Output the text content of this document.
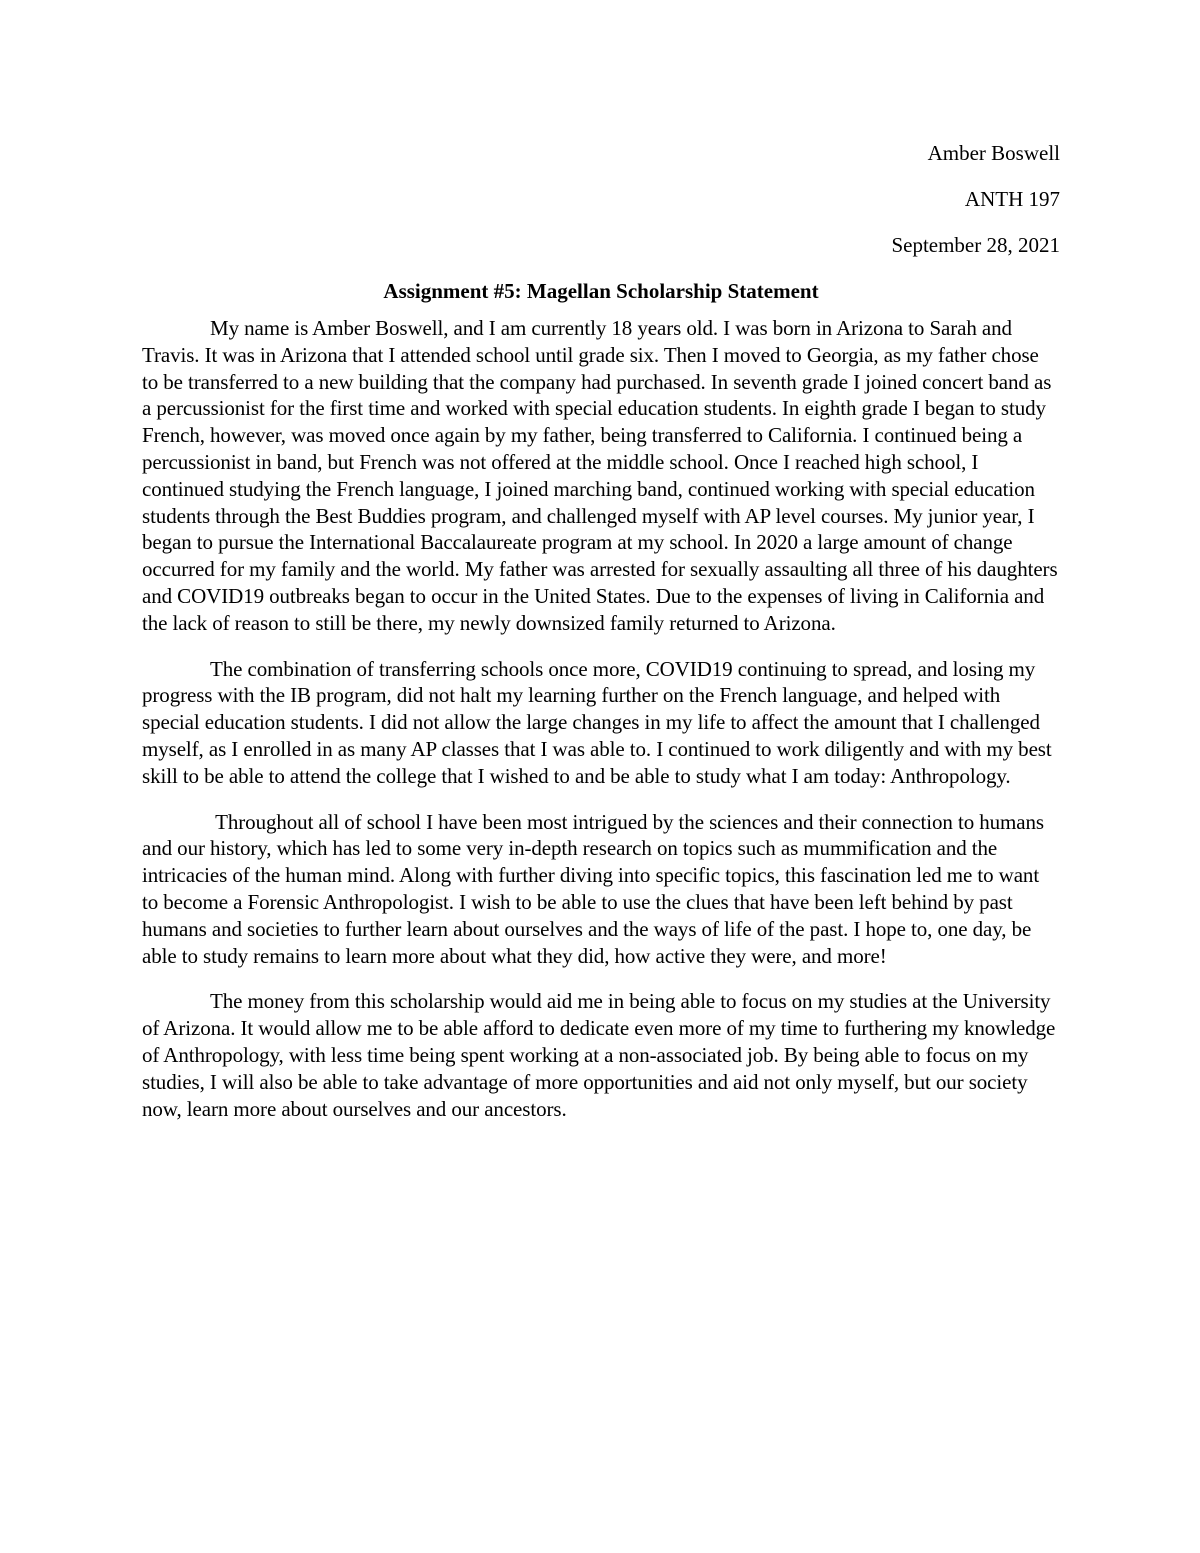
Amber Boswell

ANTH 197

September 28, 2021

Assignment #5: Magellan Scholarship Statement

My name is Amber Boswell, and I am currently 18 years old. I was born in Arizona to Sarah and Travis. It was in Arizona that I attended school until grade six. Then I moved to Georgia, as my father chose to be transferred to a new building that the company had purchased. In seventh grade I joined concert band as a percussionist for the first time and worked with special education students. In eighth grade I began to study French, however, was moved once again by my father, being transferred to California. I continued being a percussionist in band, but French was not offered at the middle school. Once I reached high school, I continued studying the French language, I joined marching band, continued working with special education students through the Best Buddies program, and challenged myself with AP level courses. My junior year, I began to pursue the International Baccalaureate program at my school. In 2020 a large amount of change occurred for my family and the world. My father was arrested for sexually assaulting all three of his daughters and COVID19 outbreaks began to occur in the United States. Due to the expenses of living in California and the lack of reason to still be there, my newly downsized family returned to Arizona.

The combination of transferring schools once more, COVID19 continuing to spread, and losing my progress with the IB program, did not halt my learning further on the French language, and helped with special education students. I did not allow the large changes in my life to affect the amount that I challenged myself, as I enrolled in as many AP classes that I was able to. I continued to work diligently and with my best skill to be able to attend the college that I wished to and be able to study what I am today: Anthropology.

Throughout all of school I have been most intrigued by the sciences and their connection to humans and our history, which has led to some very in-depth research on topics such as mummification and the intricacies of the human mind. Along with further diving into specific topics, this fascination led me to want to become a Forensic Anthropologist. I wish to be able to use the clues that have been left behind by past humans and societies to further learn about ourselves and the ways of life of the past. I hope to, one day, be able to study remains to learn more about what they did, how active they were, and more!

The money from this scholarship would aid me in being able to focus on my studies at the University of Arizona. It would allow me to be able afford to dedicate even more of my time to furthering my knowledge of Anthropology, with less time being spent working at a non-associated job. By being able to focus on my studies, I will also be able to take advantage of more opportunities and aid not only myself, but our society now, learn more about ourselves and our ancestors.
